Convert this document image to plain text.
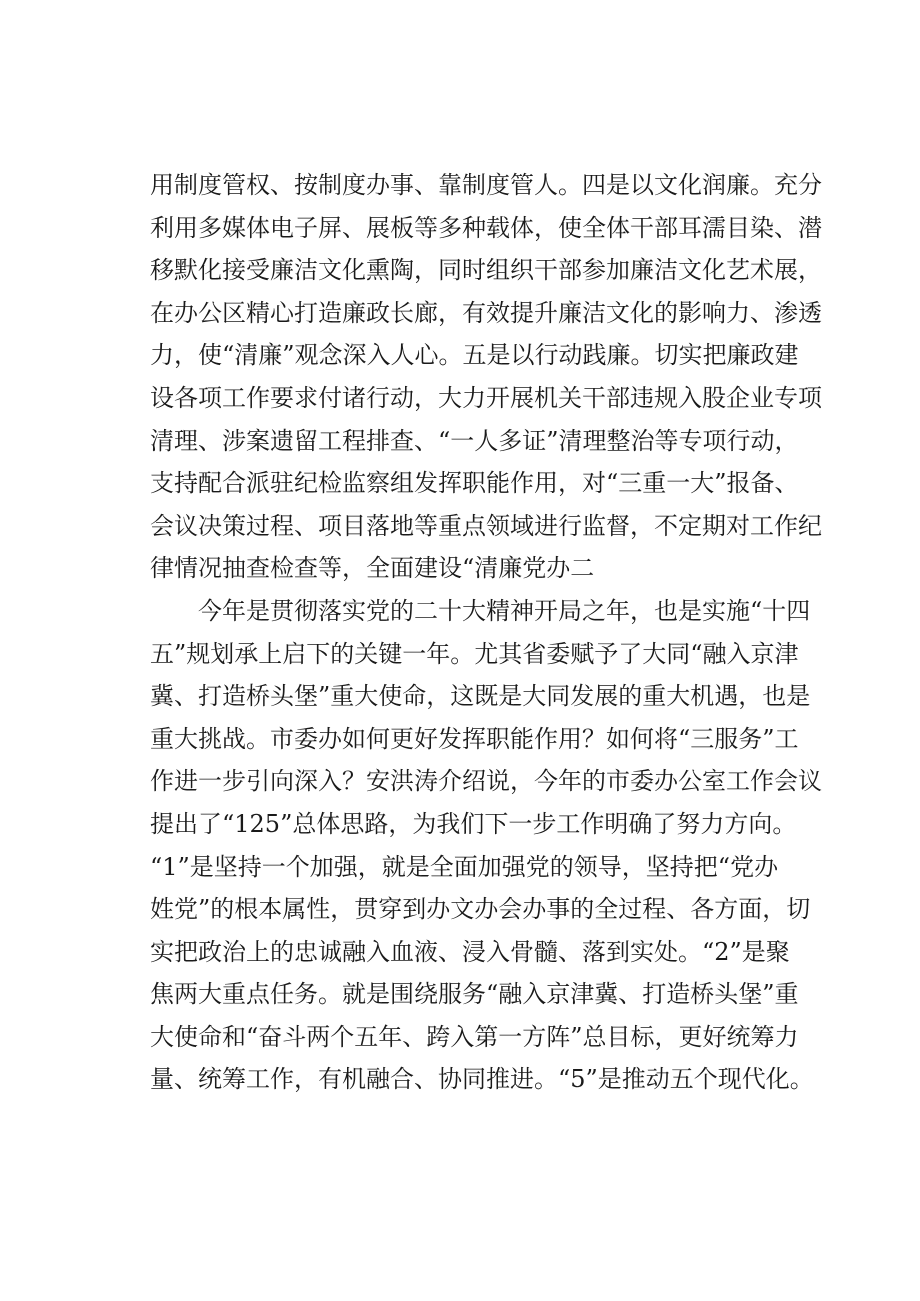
用制度管权、按制度办事、靠制度管人。四是以文化润廉。充分
利用多媒体电子屏、展板等多种载体，使全体干部耳濡目染、潜
移默化接受廉洁文化熏陶，同时组织干部参加廉洁文化艺术展，
在办公区精心打造廉政长廊，有效提升廉洁文化的影响力、渗透
力，使“清廉”观念深入人心。五是以行动践廉。切实把廉政建
设各项工作要求付诸行动，大力开展机关干部违规入股企业专项
清理、涉案遗留工程排查、“一人多证”清理整治等专项行动，
支持配合派驻纪检监察组发挥职能作用，对“三重一大”报备、
会议决策过程、项目落地等重点领域进行监督，不定期对工作纪
律情况抽查检查等，全面建设“清廉党办二
今年是贯彻落实党的二十大精神开局之年，也是实施“十四
五”规划承上启下的关键一年。尤其省委赋予了大同“融入京津
冀、打造桥头堡”重大使命，这既是大同发展的重大机遇，也是
重大挑战。市委办如何更好发挥职能作用？如何将“三服务”工
作进一步引向深入？安洪涛介绍说，今年的市委办公室工作会议
提出了“125”总体思路，为我们下一步工作明确了努力方向。
“1”是坚持一个加强，就是全面加强党的领导，坚持把“党办
姓党”的根本属性，贯穿到办文办会办事的全过程、各方面，切
实把政治上的忠诚融入血液、浸入骨髓、落到实处。“2”是聚
焦两大重点任务。就是围绕服务“融入京津冀、打造桥头堡”重
大使命和“奋斗两个五年、跨入第一方阵”总目标，更好统筹力
量、统筹工作，有机融合、协同推进。“5”是推动五个现代化。
